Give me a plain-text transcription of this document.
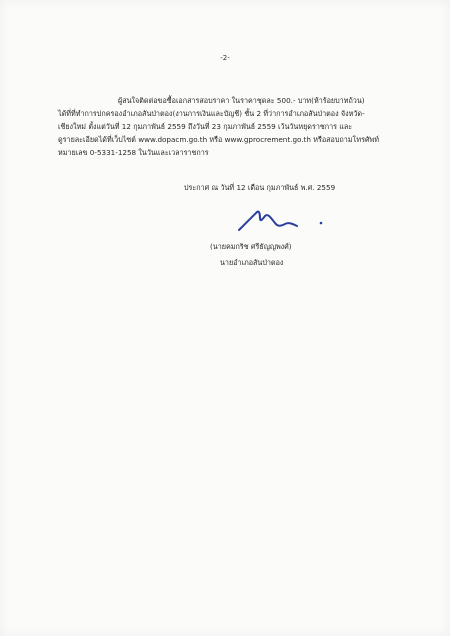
-2-
ผู้สนใจติดต่อขอซื้อเอกสารสอบราคา ในราคาชุดละ 500.- บาท(ห้าร้อยบาทถ้วน)
ได้ที่ที่ทำการปกครองอำเภอสันป่าตอง(งานการเงินและบัญชี) ชั้น 2 ที่ว่าการอำเภอสันป่าตอง จังหวัด-
เชียงใหม่ ตั้งแต่วันที่ 12 กุมภาพันธ์ 2559 ถึงวันที่ 23 กุมภาพันธ์ 2559 เว้นวันหยุดราชการ และ
ดูรายละเอียดได้ที่เว็บไซต์ www.dopacm.go.th หรือ www.gprocrement.go.th หรือสอบถามโทรศัพท์
หมายเลข 0-5331-1258 ในวันและเวลาราชการ
ประกาศ ณ วันที่ 12 เดือน กุมภาพันธ์ พ.ศ. 2559
(นายคมกริช ศรีธัญญพงศ์)
นายอำเภอสันป่าตอง
